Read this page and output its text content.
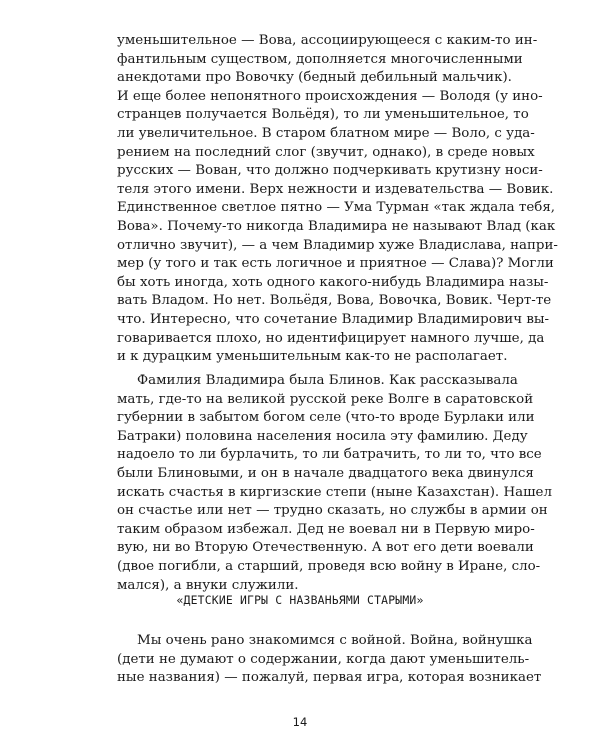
уменьшительное — Вова, ассоциирующееся с каким-то ин-
фантильным существом, дополняется многочисленными
анекдотами про Вовочку (бедный дебильный мальчик).
И еще более непонятного происхождения — Володя (у ино-
странцев получается Вольёдя), то ли уменьшительное, то
ли увеличительное. В старом блатном мире — Воло, с уда-
рением на последний слог (звучит, однако), в среде новых
русских — Вован, что должно подчеркивать крутизну носи-
теля этого имени. Верх нежности и издевательства — Вовик.
Единственное светлое пятно — Ума Турман «так ждала тебя,
Вова». Почему-то никогда Владимира не называют Влад (как
отлично звучит), — а чем Владимир хуже Владислава, напри-
мер (у того и так есть логичное и приятное — Слава)? Могли
бы хоть иногда, хоть одного какого-нибудь Владимира назы-
вать Владом. Но нет. Вольёдя, Вова, Вовочка, Вовик. Черт-те
что. Интересно, что сочетание Владимир Владимирович вы-
говаривается плохо, но идентифицирует намного лучше, да
и к дурацким уменьшительным как-то не располагает.
Фамилия Владимира была Блинов. Как рассказывала
мать, где-то на великой русской реке Волге в саратовской
губернии в забытом богом селе (что-то вроде Бурлаки или
Батраки) половина населения носила эту фамилию. Деду
надоело то ли бурлачить, то ли батрачить, то ли то, что все
были Блиновыми, и он в начале двадцатого века двинулся
искать счастья в киргизские степи (ныне Казахстан). Нашел
он счастье или нет — трудно сказать, но службы в армии он
таким образом избежал. Дед не воевал ни в Первую миро-
вую, ни во Вторую Отечественную. А вот его дети воевали
(двое погибли, а старший, проведя всю войну в Иране, сло-
мался), а внуки служили.
«ДЕТСКИЕ ИГРЫ С НАЗВАНЬЯМИ СТАРЫМИ»
Мы очень рано знакомимся с войной. Война, войнушка
(дети не думают о содержании, когда дают уменьшитель-
ные названия) — пожалуй, первая игра, которая возникает
14
